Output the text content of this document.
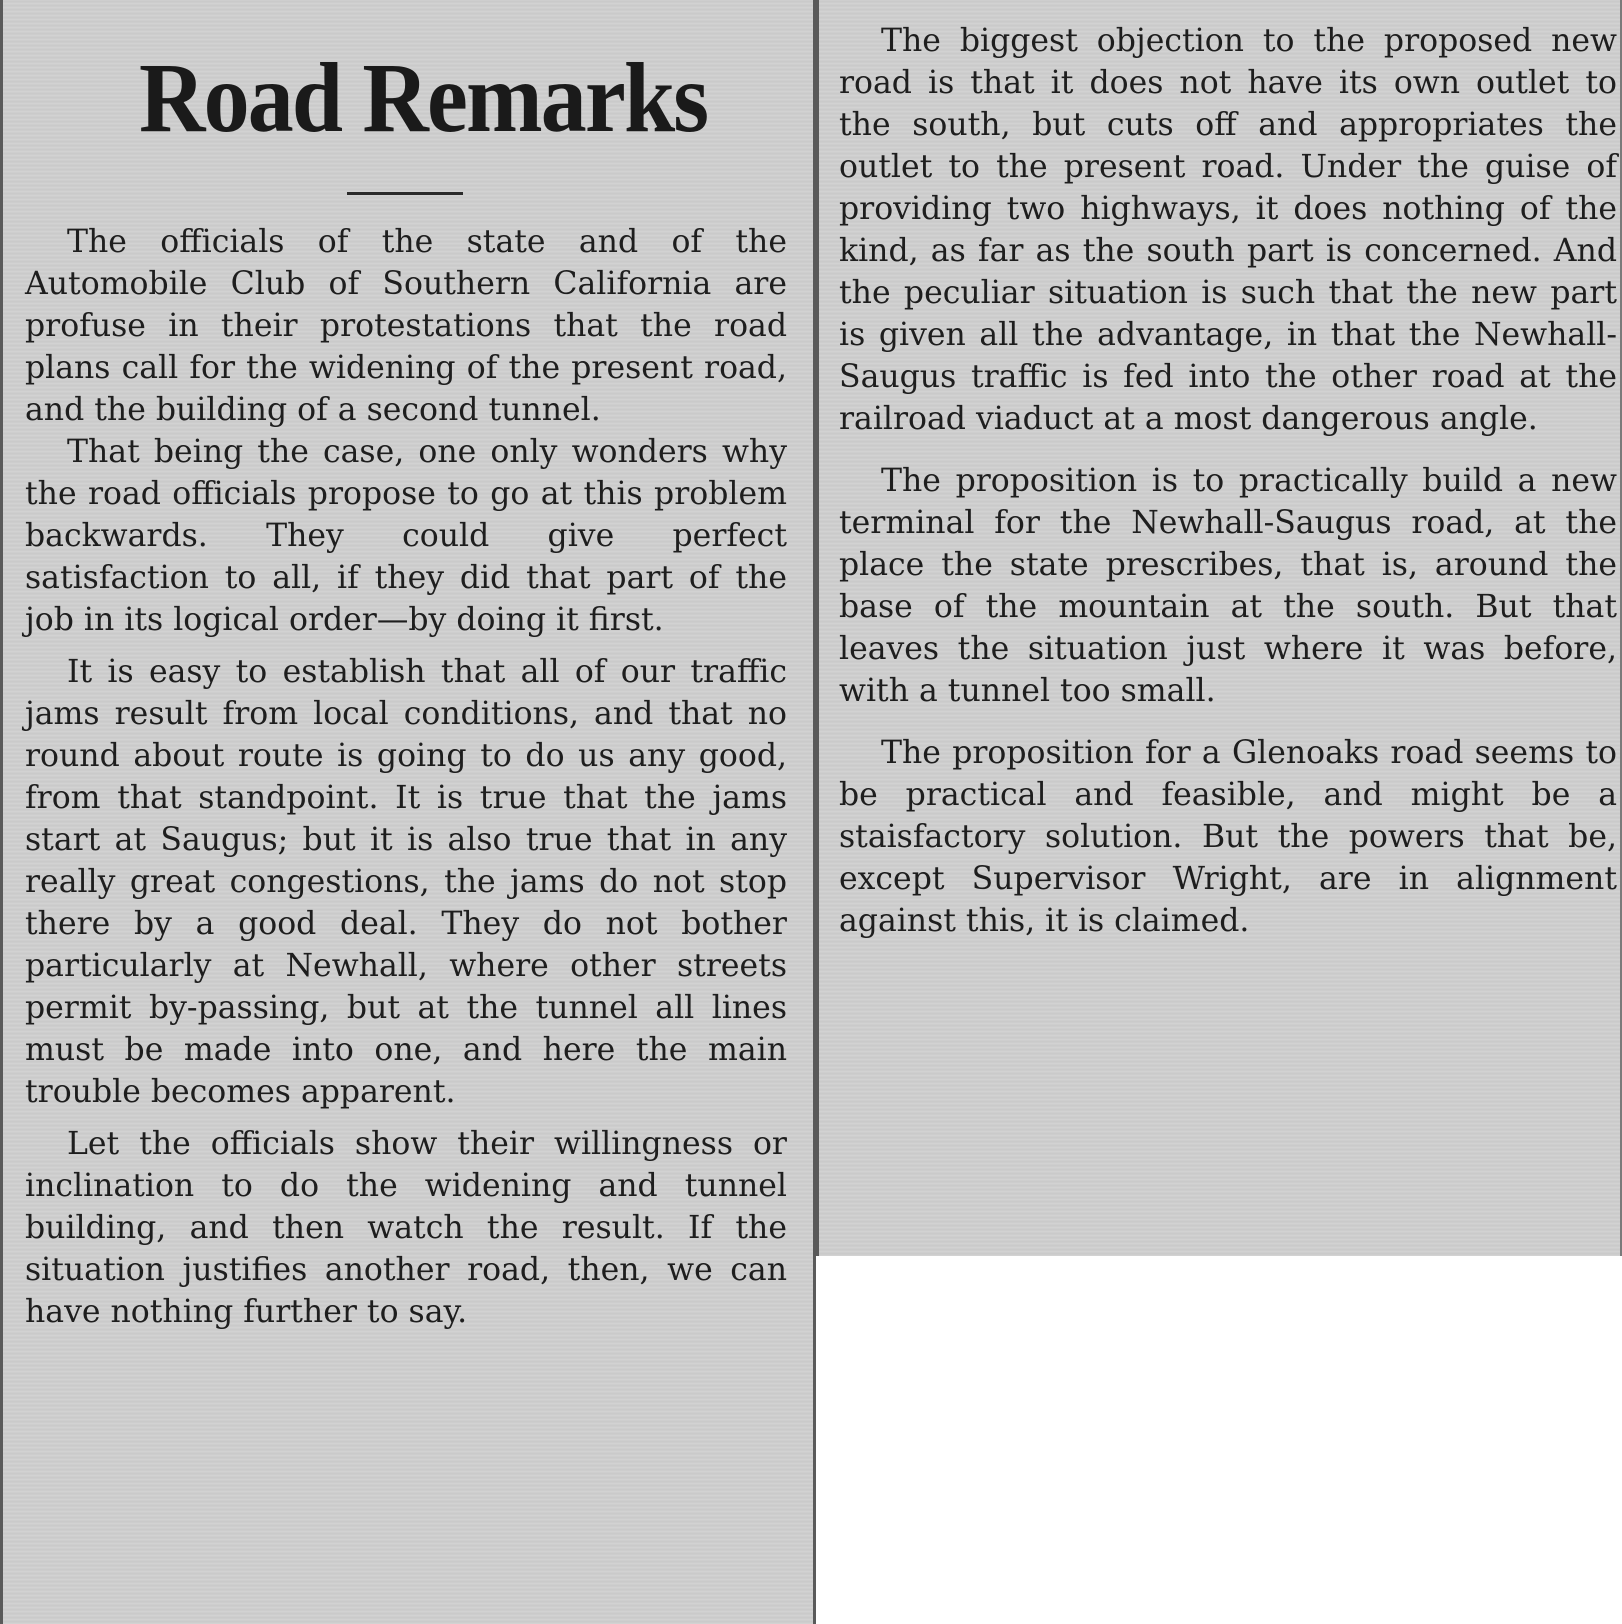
Road Remarks

The officials of the state and of the Automobile Club of Southern California are profuse in their protestations that the road plans call for the widening of the present road, and the building of a second tunnel.

That being the case, one only wonders why the road officials propose to go at this problem backwards. They could give perfect satisfaction to all, if they did that part of the job in its logical order—by doing it first.

It is easy to establish that all of our traffic jams result from local conditions, and that no round about route is going to do us any good, from that standpoint. It is true that the jams start at Saugus; but it is also true that in any really great congestions, the jams do not stop there by a good deal. They do not bother particularly at Newhall, where other streets permit by-passing, but at the tunnel all lines must be made into one, and here the main trouble becomes apparent.

Let the officials show their willingness or inclination to do the widening and tunnel building, and then watch the result. If the situation justifies another road, then, we can have nothing further to say.

The biggest objection to the proposed new road is that it does not have its own outlet to the south, but cuts off and appropriates the outlet to the present road. Under the guise of providing two highways, it does nothing of the kind, as far as the south part is concerned. And the peculiar situation is such that the new part is given all the advantage, in that the Newhall-Saugus traffic is fed into the other road at the railroad viaduct at a most dangerous angle.

The proposition is to practically build a new terminal for the Newhall-Saugus road, at the place the state prescribes, that is, around the base of the mountain at the south. But that leaves the situation just where it was before, with a tunnel too small.

The proposition for a Glenoaks road seems to be practical and feasible, and might be a staisfactory solution. But the powers that be, except Supervisor Wright, are in alignment against this, it is claimed.
